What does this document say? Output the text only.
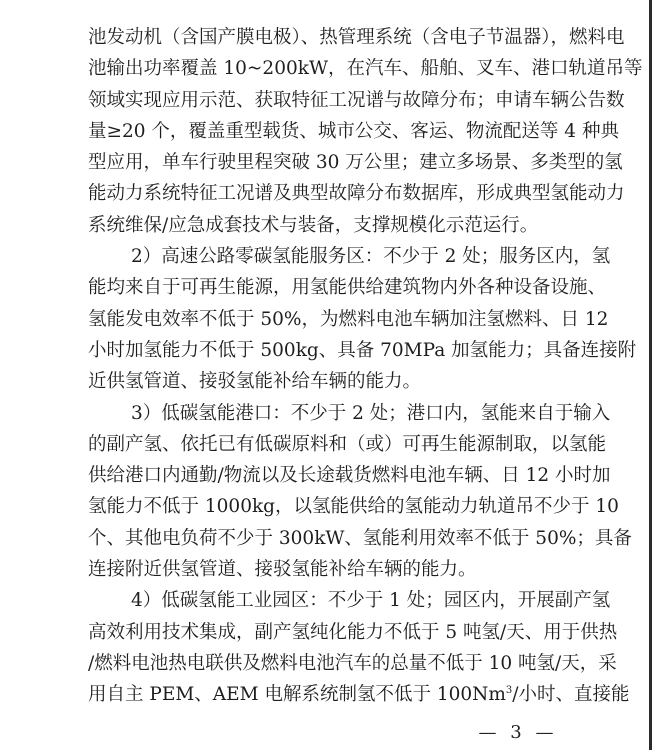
池发动机（含国产膜电极）、热管理系统（含电子节温器），燃料电
池输出功率覆盖 10~200kW，在汽车、船舶、叉车、港口轨道吊等
领域实现应用示范、获取特征工况谱与故障分布；申请车辆公告数
量≥20 个，覆盖重型载货、城市公交、客运、物流配送等 4 种典
型应用，单车行驶里程突破 30 万公里；建立多场景、多类型的氢
能动力系统特征工况谱及典型故障分布数据库，形成典型氢能动力
系统维保/应急成套技术与装备，支撑规模化示范运行。
2）高速公路零碳氢能服务区：不少于 2 处；服务区内，氢
能均来自于可再生能源，用氢能供给建筑物内外各种设备设施、
氢能发电效率不低于 50%，为燃料电池车辆加注氢燃料、日 12
小时加氢能力不低于 500kg、具备 70MPa 加氢能力；具备连接附
近供氢管道、接驳氢能补给车辆的能力。
3）低碳氢能港口：不少于 2 处；港口内，氢能来自于输入
的副产氢、依托已有低碳原料和（或）可再生能源制取，以氢能
供给港口内通勤/物流以及长途载货燃料电池车辆、日 12 小时加
氢能力不低于 1000kg，以氢能供给的氢能动力轨道吊不少于 10
个、其他电负荷不少于 300kW、氢能利用效率不低于 50%；具备
连接附近供氢管道、接驳氢能补给车辆的能力。
4）低碳氢能工业园区：不少于 1 处；园区内，开展副产氢
高效利用技术集成，副产氢纯化能力不低于 5 吨氢/天、用于供热
/燃料电池热电联供及燃料电池汽车的总量不低于 10 吨氢/天，采
用自主 PEM、AEM 电解系统制氢不低于 100Nm$^3$/小时、直接能
— 3 —
